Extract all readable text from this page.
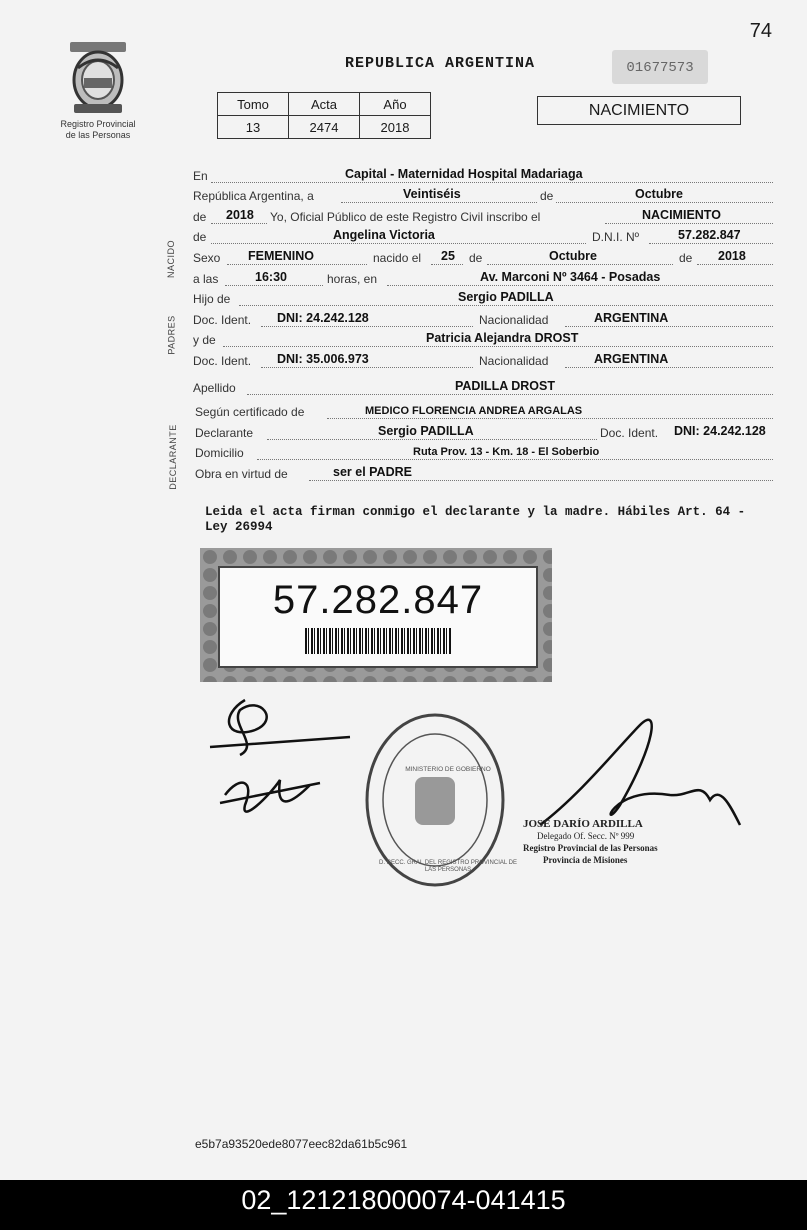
74
Registro Provincial
de las Personas
REPUBLICA ARGENTINA	01677573
Tomo	Acta	Año
13	2474	2018
NACIMIENTO
NACIDO
PADRES
DECLARANTE
En	Capital - Maternidad Hospital Madariaga
República Argentina, a	Veintiséis	de	Octubre
de 2018 Yo, Oficial Público de este Registro Civil inscribo el	NACIMIENTO
de	Angelina Victoria	D.N.I. Nº	57.282.847
Sexo FEMENINO	nacido el 25 de	Octubre	de 2018
a las	16:30	horas, en	Av. Marconi Nº 3464 - Posadas
Hijo de	Sergio PADILLA
Doc. Ident. DNI: 24.242.128	Nacionalidad	ARGENTINA
y de	Patricia Alejandra DROST
Doc. Ident. DNI: 35.006.973	Nacionalidad	ARGENTINA
Apellido	PADILLA DROST
Según certificado de	MEDICO FLORENCIA ANDREA ARGALAS
Declarante	Sergio PADILLA	Doc. Ident. DNI: 24.242.128
Domicilio	Ruta Prov. 13 - Km. 18 - El Soberbio
Obra en virtud de	ser el PADRE
Leida el acta firman conmigo el declarante y la madre. Hábiles Art. 64 - Ley 26994
57.282.847
D. RECC. GRAL DEL REGISTRO PROVINCIAL DE LAS PERSONAS
MINISTERIO DE GOBIERNO
JOSÉ DARÍO ARDILLA
Delegado Of. Secc. Nº 999
Registro Provincial de las Personas
Provincia de Misiones
e5b7a93520ede8077eec82da61b5c961
02_121218000074-041415
